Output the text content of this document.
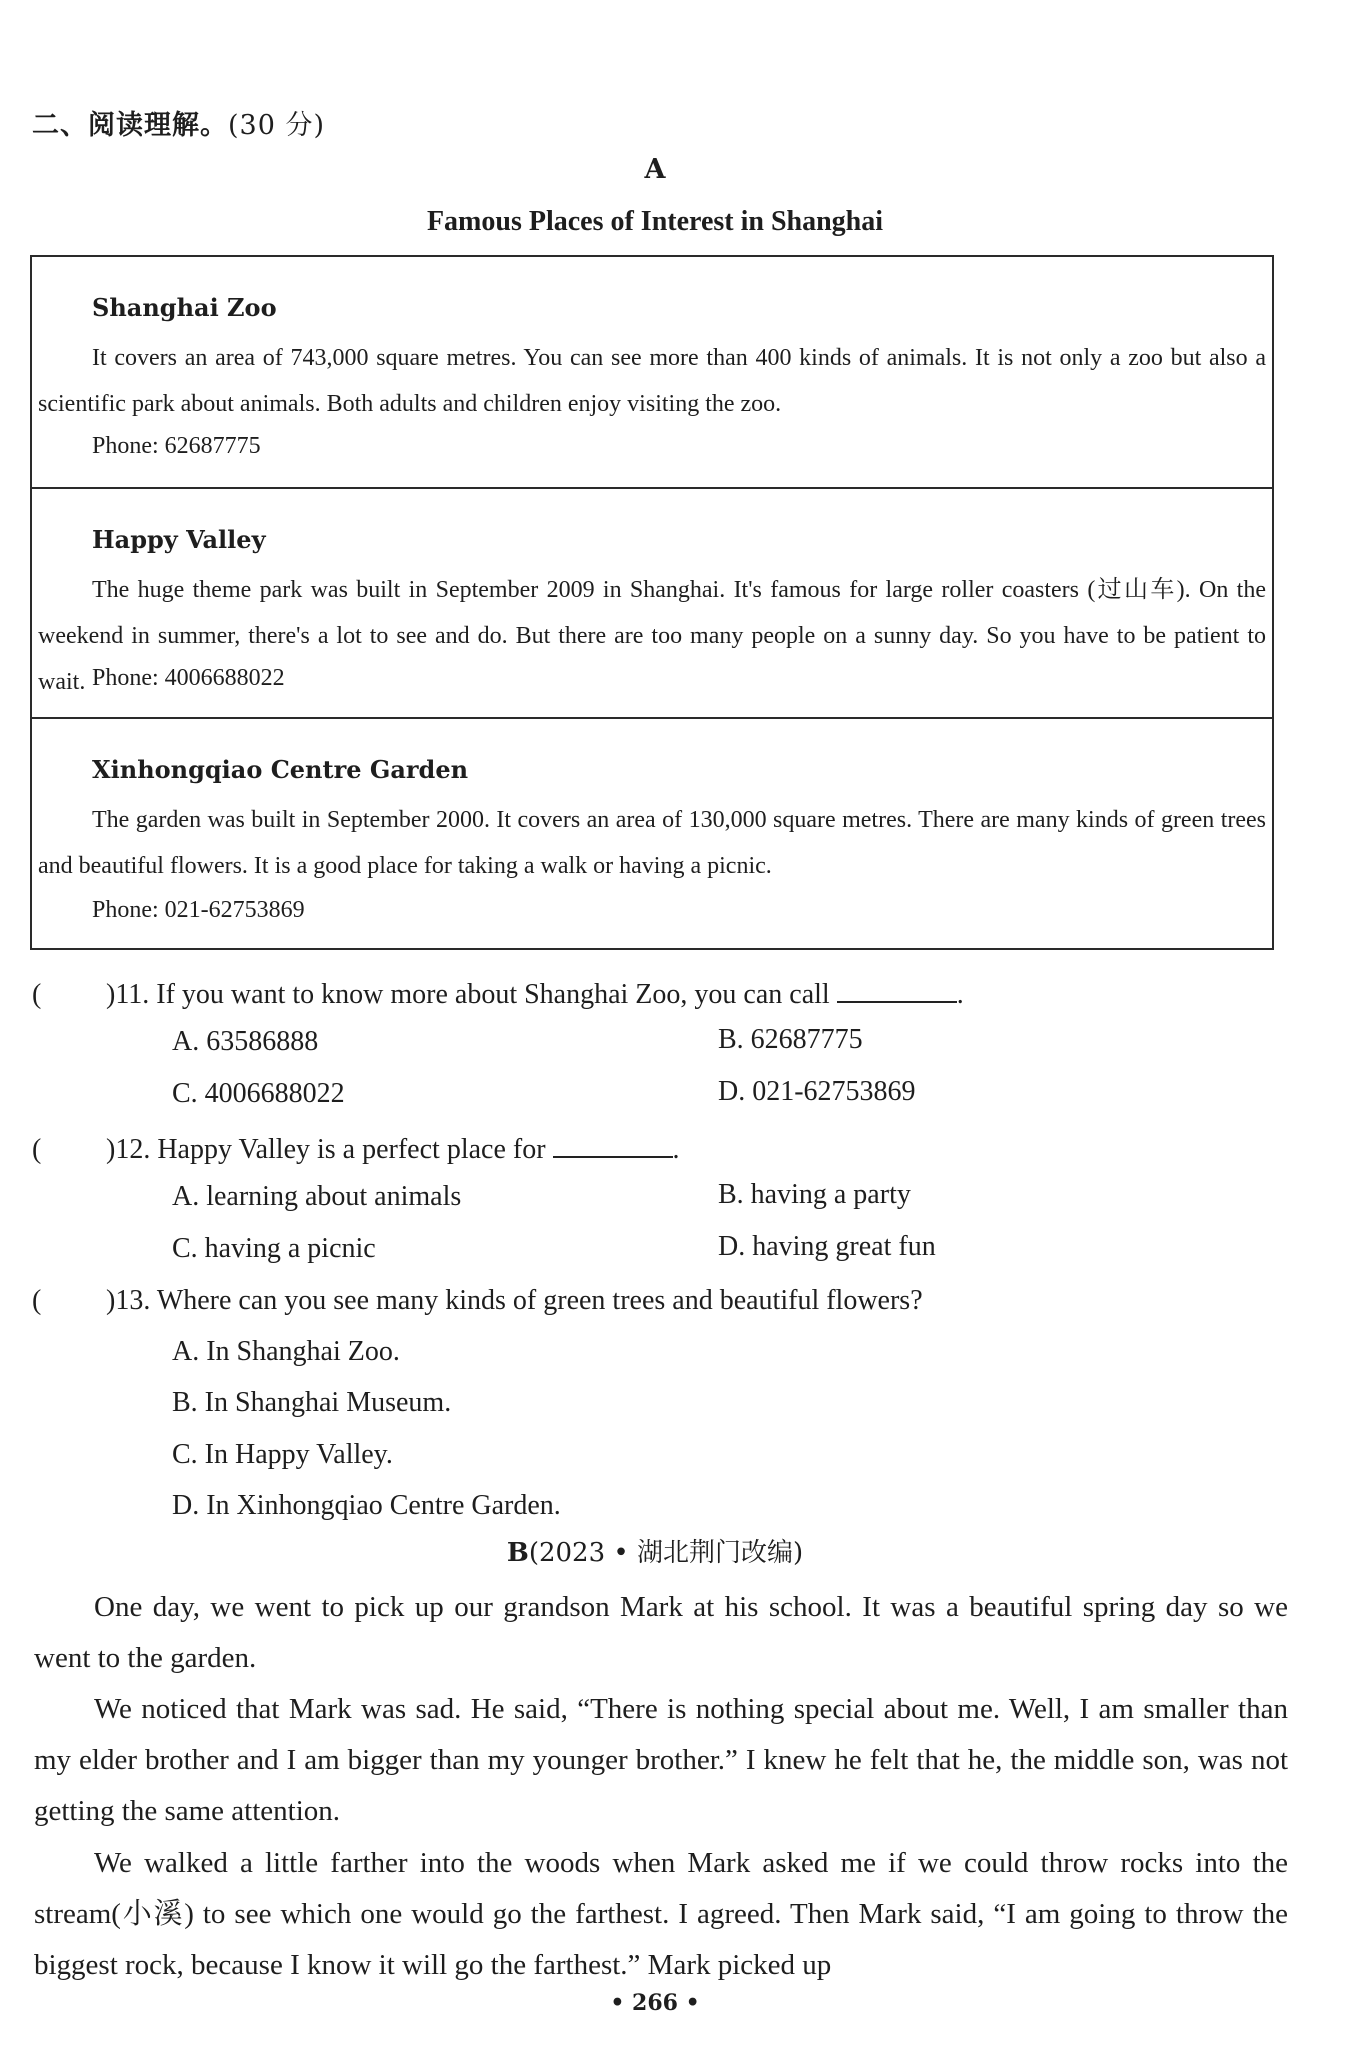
二、阅读理解。(30 分)
A
Famous Places of Interest in Shanghai
Shanghai Zoo
It covers an area of 743,000 square metres. You can see more than 400 kinds of animals. It is not only a zoo but also a scientific park about animals. Both adults and children enjoy visiting the zoo.
Phone: 62687775
Happy Valley
The huge theme park was built in September 2009 in Shanghai. It's famous for large roller coasters (过山车). On the weekend in summer, there's a lot to see and do. But there are too many people on a sunny day. So you have to be patient to wait. Phone: 4006688022
Xinhongqiao Centre Garden
The garden was built in September 2000. It covers an area of 130,000 square metres. There are many kinds of green trees and beautiful flowers. It is a good place for taking a walk or having a picnic.
Phone: 021-62753869
( )11. If you want to know more about Shanghai Zoo, you can call	.
A. 63586888	B. 62687775
C. 4006688022	D. 021-62753869
( )12. Happy Valley is a perfect place for	.
A. learning about animals	B. having a party
C. having a picnic	D. having great fun
( )13. Where can you see many kinds of green trees and beautiful flowers?
A. In Shanghai Zoo.
B. In Shanghai Museum.
C. In Happy Valley.
D. In Xinhongqiao Centre Garden.
B(2023 • 湖北荆门改编)
One day, we went to pick up our grandson Mark at his school. It was a beautiful spring day so we went to the garden.
We noticed that Mark was sad. He said, “There is nothing special about me. Well, I am smaller than my elder brother and I am bigger than my younger brother.” I knew he felt that he, the middle son, was not getting the same attention.
We walked a little farther into the woods when Mark asked me if we could throw rocks into the stream(小溪) to see which one would go the farthest. I agreed. Then Mark said, “I am going to throw the biggest rock, because I know it will go the farthest.” Mark picked up
• 266 •
